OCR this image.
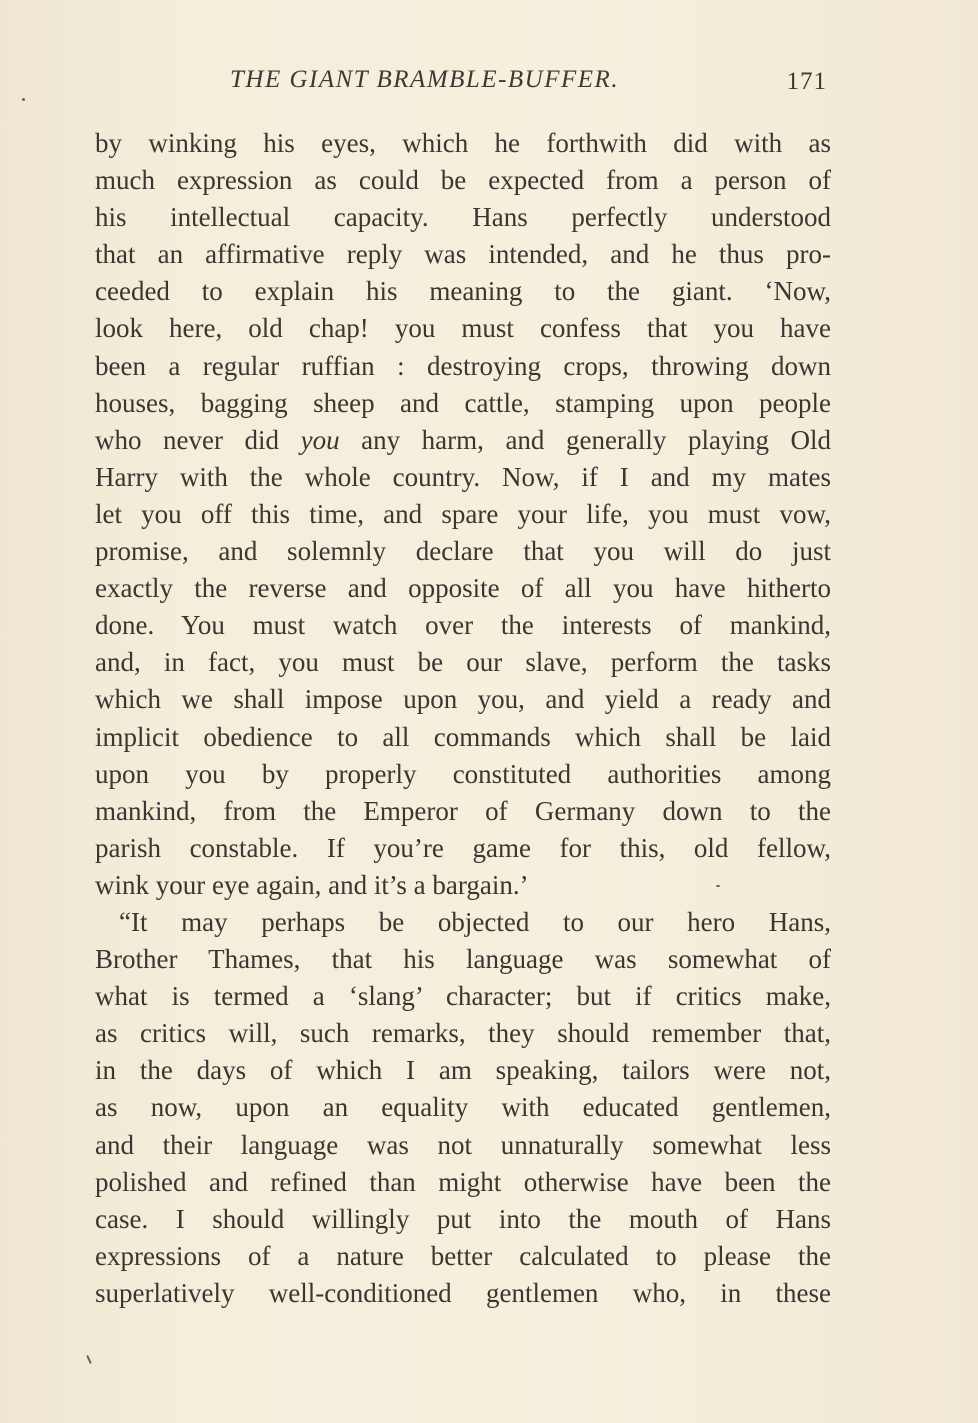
THE GIANT BRAMBLE-BUFFER.	171
by winking his eyes, which he forthwith did with as
much expression as could be expected from a person of
his intellectual capacity. Hans perfectly understood
that an affirmative reply was intended, and he thus pro-
ceeded to explain his meaning to the giant. ‘Now,
look here, old chap! you must confess that you have
been a regular ruffian : destroying crops, throwing down
houses, bagging sheep and cattle, stamping upon people
who never did you any harm, and generally playing Old
Harry with the whole country. Now, if I and my mates
let you off this time, and spare your life, you must vow,
promise, and solemnly declare that you will do just
exactly the reverse and opposite of all you have hitherto
done. You must watch over the interests of mankind,
and, in fact, you must be our slave, perform the tasks
which we shall impose upon you, and yield a ready and
implicit obedience to all commands which shall be laid
upon you by properly constituted authorities among
mankind, from the Emperor of Germany down to the
parish constable. If you’re game for this, old fellow,
wink your eye again, and it’s a bargain.’
“It may perhaps be objected to our hero Hans,
Brother Thames, that his language was somewhat of
what is termed a ‘slang’ character; but if critics make,
as critics will, such remarks, they should remember that,
in the days of which I am speaking, tailors were not,
as now, upon an equality with educated gentlemen,
and their language was not unnaturally somewhat less
polished and refined than might otherwise have been the
case. I should willingly put into the mouth of Hans
expressions of a nature better calculated to please the
superlatively well-conditioned gentlemen who, in these
